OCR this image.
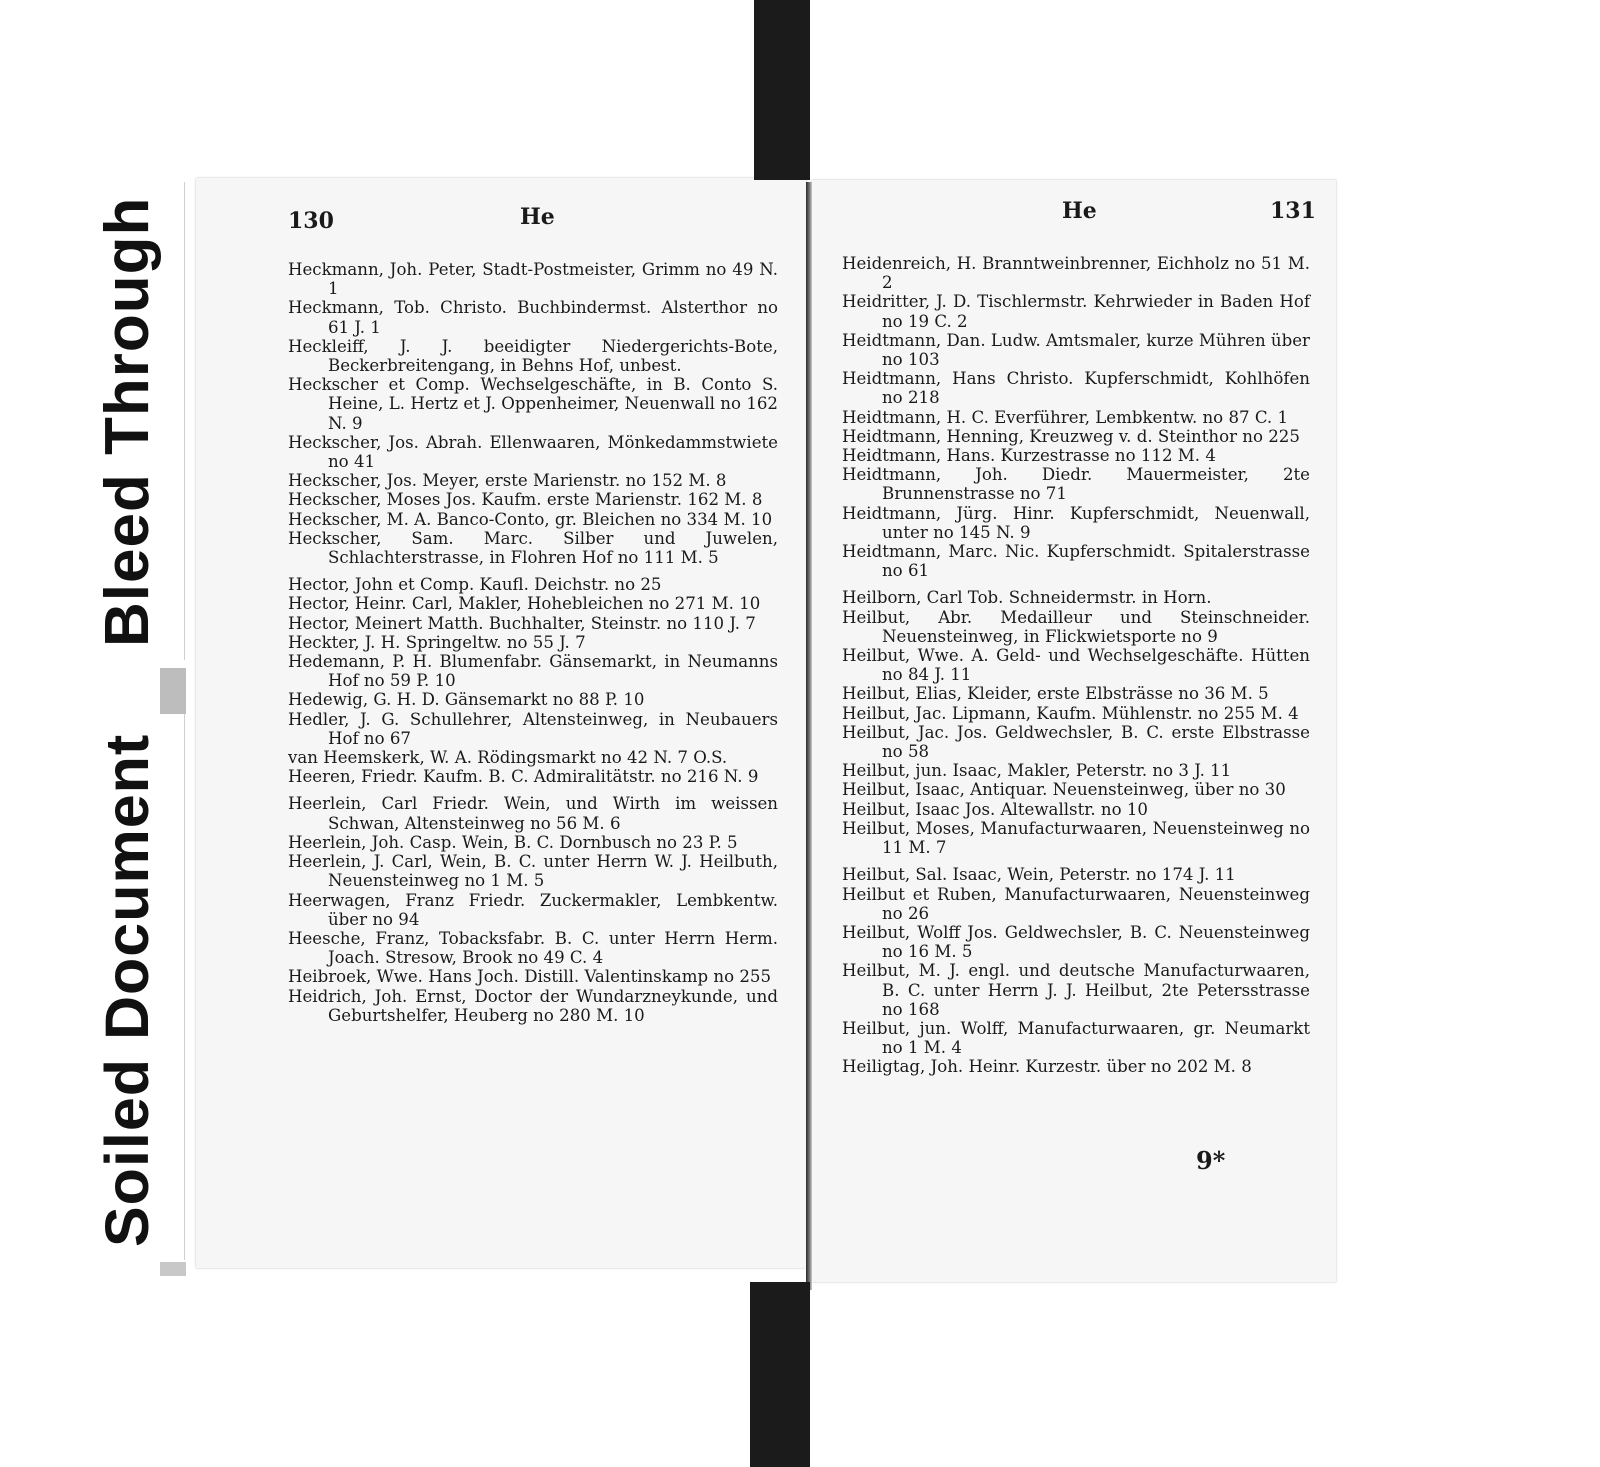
Bleed Through
Soiled Document
130	He
Heckmann, Joh. Peter, Stadt-Postmeister, Grimm no 49 N. 1
Heckmann, Tob. Christo. Buchbindermst. Alsterthor no 61 J. 1
Heckleiff, J. J. beeidigter Niedergerichts-Bote, Beckerbreitengang, in Behns Hof, unbest.
Heckscher et Comp. Wechselgeschäfte, in B. Conto S. Heine, L. Hertz et J. Oppenheimer, Neuenwall no 162 N. 9
Heckscher, Jos. Abrah. Ellenwaaren, Mönkedammstwiete no 41
Heckscher, Jos. Meyer, erste Marienstr. no 152 M. 8
Heckscher, Moses Jos. Kaufm. erste Marienstr. 162 M. 8
Heckscher, M. A. Banco-Conto, gr. Bleichen no 334 M. 10
Heckscher, Sam. Marc. Silber und Juwelen, Schlachterstrasse, in Flohren Hof no 111 M. 5
Hector, John et Comp. Kaufl. Deichstr. no 25
Hector, Heinr. Carl, Makler, Hohebleichen no 271 M. 10
Hector, Meinert Matth. Buchhalter, Steinstr. no 110 J. 7
Heckter, J. H. Springeltw. no 55 J. 7
Hedemann, P. H. Blumenfabr. Gänsemarkt, in Neumanns Hof no 59 P. 10
Hedewig, G. H. D. Gänsemarkt no 88 P. 10
Hedler, J. G. Schullehrer, Altensteinweg, in Neubauers Hof no 67
van Heemskerk, W. A. Rödingsmarkt no 42 N. 7 O.S.
Heeren, Friedr. Kaufm. B. C. Admiralitätstr. no 216 N. 9
Heerlein, Carl Friedr. Wein, und Wirth im weissen Schwan, Altensteinweg no 56 M. 6
Heerlein, Joh. Casp. Wein, B. C. Dornbusch no 23 P. 5
Heerlein, J. Carl, Wein, B. C. unter Herrn W. J. Heilbuth, Neuensteinweg no 1 M. 5
Heerwagen, Franz Friedr. Zuckermakler, Lembkentw. über no 94
Heesche, Franz, Tobacksfabr. B. C. unter Herrn Herm. Joach. Stresow, Brook no 49 C. 4
Heibroek, Wwe. Hans Joch. Distill. Valentinskamp no 255
Heidrich, Joh. Ernst, Doctor der Wundarzneykunde, und Geburtshelfer, Heuberg no 280 M. 10
He	131
Heidenreich, H. Branntweinbrenner, Eichholz no 51 M. 2
Heidritter, J. D. Tischlermstr. Kehrwieder in Baden Hof no 19 C. 2
Heidtmann, Dan. Ludw. Amtsmaler, kurze Mühren über no 103
Heidtmann, Hans Christo. Kupferschmidt, Kohlhöfen no 218
Heidtmann, H. C. Everführer, Lembkentw. no 87 C. 1
Heidtmann, Henning, Kreuzweg v. d. Steinthor no 225
Heidtmann, Hans. Kurzestrasse no 112 M. 4
Heidtmann, Joh. Diedr. Mauermeister, 2te Brunnenstrasse no 71
Heidtmann, Jürg. Hinr. Kupferschmidt, Neuenwall, unter no 145 N. 9
Heidtmann, Marc. Nic. Kupferschmidt. Spitalerstrasse no 61
Heilborn, Carl Tob. Schneidermstr. in Horn.
Heilbut, Abr. Medailleur und Steinschneider. Neuensteinweg, in Flickwietsporte no 9
Heilbut, Wwe. A. Geld- und Wechselgeschäfte. Hütten no 84 J. 11
Heilbut, Elias, Kleider, erste Elbsträsse no 36 M. 5
Heilbut, Jac. Lipmann, Kaufm. Mühlenstr. no 255 M. 4
Heilbut, Jac. Jos. Geldwechsler, B. C. erste Elbstrasse no 58
Heilbut, jun. Isaac, Makler, Peterstr. no 3 J. 11
Heilbut, Isaac, Antiquar. Neuensteinweg, über no 30
Heilbut, Isaac Jos. Altewallstr. no 10
Heilbut, Moses, Manufacturwaaren, Neuensteinweg no 11 M. 7
Heilbut, Sal. Isaac, Wein, Peterstr. no 174 J. 11
Heilbut et Ruben, Manufacturwaaren, Neuensteinweg no 26
Heilbut, Wolff Jos. Geldwechsler, B. C. Neuensteinweg no 16 M. 5
Heilbut, M. J. engl. und deutsche Manufacturwaaren, B. C. unter Herrn J. J. Heilbut, 2te Petersstrasse no 168
Heilbut, jun. Wolff, Manufacturwaaren, gr. Neumarkt no 1 M. 4
Heiligtag, Joh. Heinr. Kurzestr. über no 202 M. 8
9*
